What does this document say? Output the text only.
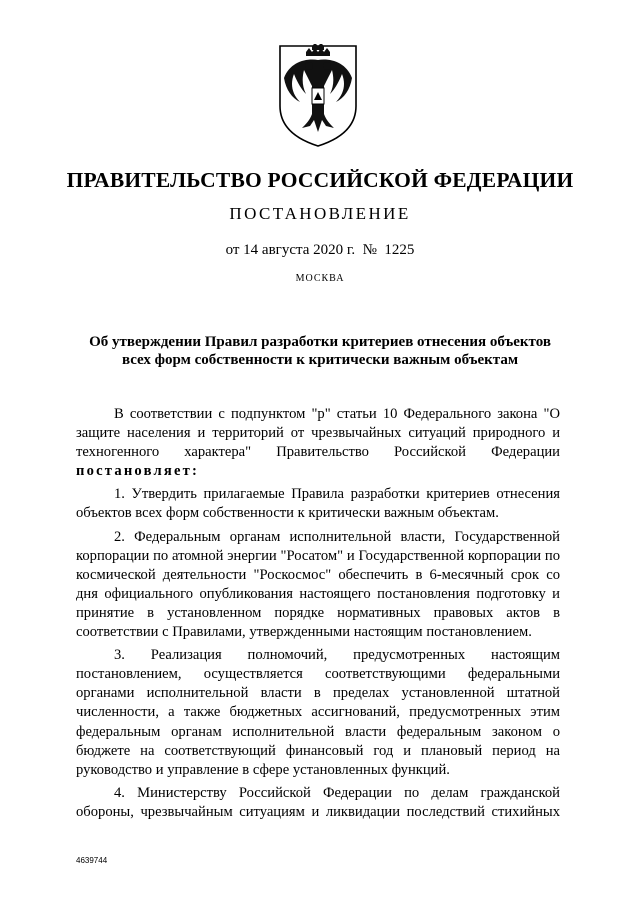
ПРАВИТЕЛЬСТВО РОССИЙСКОЙ ФЕДЕРАЦИИ
ПОСТАНОВЛЕНИЕ
от 14 августа 2020 г.  №  1225
МОСКВА
Об утверждении Правил разработки критериев отнесения объектов
всех форм собственности к критически важным объектам

В соответствии с подпунктом "р" статьи 10 Федерального закона "О защите населения и территорий от чрезвычайных ситуаций природного и техногенного характера" Правительство Российской Федерации

постановляет:

1. Утвердить прилагаемые Правила разработки критериев отнесения объектов всех форм собственности к критически важным объектам.

2. Федеральным органам исполнительной власти, Государственной корпорации по атомной энергии "Росатом" и Государственной корпорации по космической деятельности "Роскосмос" обеспечить в 6-месячный срок со дня официального опубликования настоящего постановления подготовку и принятие в установленном порядке нормативных правовых актов в соответствии с Правилами, утвержденными настоящим постановлением.

3. Реализация полномочий, предусмотренных настоящим постановлением, осуществляется соответствующими федеральными органами исполнительной власти в пределах установленной штатной численности, а также бюджетных ассигнований, предусмотренных этим федеральным органам исполнительной власти федеральным законом о бюджете на соответствующий финансовый год и плановый период на руководство и управление в сфере установленных функций.

4. Министерству Российской Федерации по делам гражданской обороны, чрезвычайным ситуациям и ликвидации последствий стихийных

4639744
